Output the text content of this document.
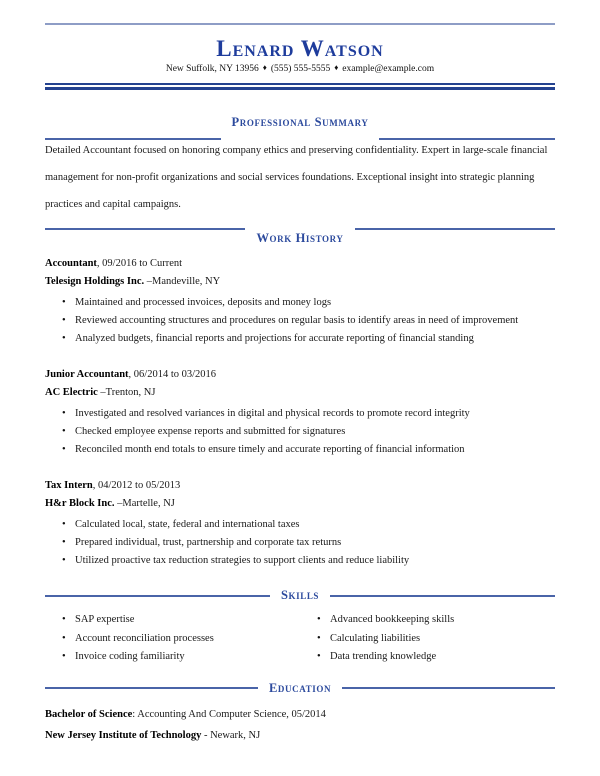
Lenard Watson
New Suffolk, NY 13956 ♦ (555) 555-5555 ♦ example@example.com
Professional Summary

Detailed Accountant focused on honoring company ethics and preserving confidentiality. Expert in large-scale financial management for non-profit organizations and social services foundations. Exceptional insight into strategic planning practices and capital campaigns.

Work History
Accountant, 09/2016 to Current
Telesign Holdings Inc. –Mandeville, NY
• Maintained and processed invoices, deposits and money logs
• Reviewed accounting structures and procedures on regular basis to identify areas in need of improvement
• Analyzed budgets, financial reports and projections for accurate reporting of financial standing
Junior Accountant, 06/2014 to 03/2016
AC Electric –Trenton, NJ
• Investigated and resolved variances in digital and physical records to promote record integrity
• Checked employee expense reports and submitted for signatures
• Reconciled month end totals to ensure timely and accurate reporting of financial information
Tax Intern, 04/2012 to 05/2013
H&r Block Inc. –Martelle, NJ
• Calculated local, state, federal and international taxes
• Prepared individual, trust, partnership and corporate tax returns
• Utilized proactive tax reduction strategies to support clients and reduce liability
Skills
• SAP expertise
• Account reconciliation processes
• Invoice coding familiarity
• Advanced bookkeeping skills
• Calculating liabilities
• Data trending knowledge
Education
Bachelor of Science: Accounting And Computer Science, 05/2014
New Jersey Institute of Technology - Newark, NJ
